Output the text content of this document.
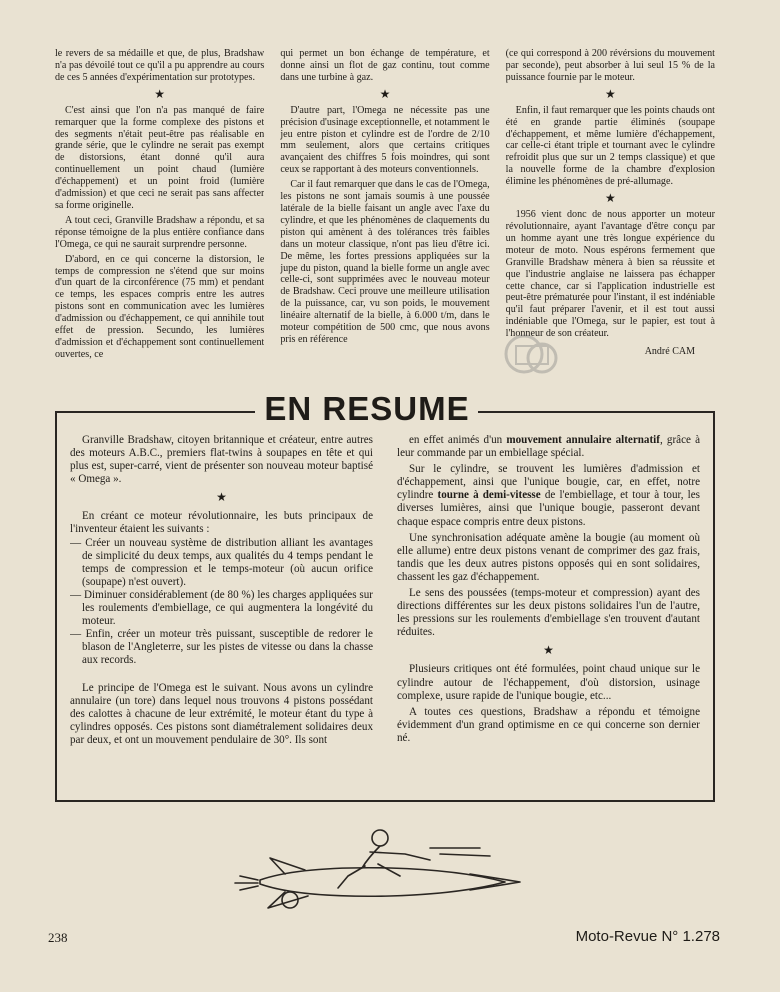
le revers de sa médaille et que, de plus, Bradshaw n'a pas dévoilé tout ce qu'il a pu apprendre au cours de ces 5 années d'expérimentation sur prototypes.

★

C'est ainsi que l'on n'a pas manqué de faire remarquer que la forme complexe des pistons et des segments n'était peut-être pas réalisable en grande série, que le cylindre ne serait pas exempt de distorsions, étant donné qu'il aura continuellement un point chaud (lumière d'échappement) et un point froid (lumière d'admission) et que ceci ne serait pas sans affecter sa forme originelle.

A tout ceci, Granville Bradshaw a répondu, et sa réponse témoigne de la plus entière confiance dans l'Omega, ce qui ne saurait surprendre personne.

D'abord, en ce qui concerne la distorsion, le temps de compression ne s'étend que sur moins d'un quart de la circonférence (75 mm) et pendant ce temps, les espaces compris entre les autres pistons sont en communication avec les lumières d'admission ou d'échappement, ce qui annihile tout effet de pression. Secundo, les lumières d'admission et d'échappement sont continuellement ouvertes, ce

qui permet un bon échange de température, et donne ainsi un flot de gaz continu, tout comme dans une turbine à gaz.

★

D'autre part, l'Omega ne nécessite pas une précision d'usinage exceptionnelle, et notamment le jeu entre piston et cylindre est de l'ordre de 2/10 mm seulement, alors que certains critiques avançaient des chiffres 5 fois moindres, qui sont ceux se rapportant à des moteurs conventionnels.

Car il faut remarquer que dans le cas de l'Omega, les pistons ne sont jamais soumis à une poussée latérale de la bielle faisant un angle avec l'axe du cylindre, et que les phénomènes de claquements du piston qui amènent à des tolérances très faibles dans un moteur classique, n'ont pas lieu d'être ici. De même, les fortes pressions appliquées sur la jupe du piston, quand la bielle forme un angle avec celle-ci, sont supprimées avec le nouveau moteur de Bradshaw. Ceci prouve une meilleure utilisation de la puissance, car, vu son poids, le mouvement linéaire alternatif de la bielle, à 6.000 t/m, dans le moteur compétition de 500 cmc, que nous avons pris en référence

(ce qui correspond à 200 révérsions du mouvement par seconde), peut absorber à lui seul 15 % de la puissance fournie par le moteur.

★

Enfin, il faut remarquer que les points chauds ont été en grande partie éliminés (soupape d'échappement, et même lumière d'échappement, car celle-ci étant triple et tournant avec le cylindre refroidit plus que sur un 2 temps classique) et que la nouvelle forme de la chambre d'explosion élimine les phénomènes de pré-allumage.

★

1956 vient donc de nous apporter un moteur révolutionnaire, ayant l'avantage d'être conçu par un homme ayant une très longue expérience du moteur de moto. Nous espérons fermement que Granville Bradshaw mènera à bien sa réussite et que l'industrie anglaise ne laissera pas échapper cette chance, car si l'application industrielle est peut-être prématurée pour l'instant, il est indéniable qu'il faut préparer l'avenir, et il est tout aussi indéniable que l'Omega, sur le papier, est tout à l'honneur de son créateur.

André CAM
EN RESUME

Granville Bradshaw, citoyen britannique et créateur, entre autres des moteurs A.B.C., premiers flat-twins à soupapes en tête et qui plus est, super-carré, vient de présenter son nouveau moteur baptisé « Omega ».

★

En créant ce moteur révolutionnaire, les buts principaux de l'inventeur étaient les suivants :

— Créer un nouveau système de distribution alliant les avantages de simplicité du deux temps, aux qualités du 4 temps pendant le temps de compression et le temps-moteur (où aucun orifice (soupape) n'est ouvert).

— Diminuer considérablement (de 80 %) les charges appliquées sur les roulements d'embiellage, ce qui augmentera la longévité du moteur.

— Enfin, créer un moteur très puissant, susceptible de redorer le blason de l'Angleterre, sur les pistes de vitesse ou dans la chasse aux records.

Le principe de l'Omega est le suivant. Nous avons un cylindre annulaire (un tore) dans lequel nous trouvons 4 pistons possédant des calottes à chacune de leur extrémité, le moteur étant du type à cylindres opposés. Ces pistons sont diamétralement solidaires deux par deux, et ont un mouvement pendulaire de 30°. Ils sont

en effet animés d'un mouvement annulaire alternatif, grâce à leur commande par un embiellage spécial.

Sur le cylindre, se trouvent les lumières d'admission et d'échappement, ainsi que l'unique bougie, car, en effet, notre cylindre tourne à demi-vitesse de l'embiellage, et tour à tour, les diverses lumières, ainsi que l'unique bougie, passeront devant chaque espace compris entre deux pistons.

Une synchronisation adéquate amène la bougie (au moment où elle allume) entre deux pistons venant de comprimer des gaz frais, tandis que les deux autres pistons opposés qui en sont solidaires, chassent les gaz d'échappement.

Le sens des poussées (temps-moteur et compression) ayant des directions différentes sur les deux pistons solidaires l'un de l'autre, les pressions sur les roulements d'embiellage s'en trouvent d'autant réduites.

★

Plusieurs critiques ont été formulées, point chaud unique sur le cylindre autour de l'échappement, d'où distorsion, usinage complexe, usure rapide de l'unique bougie, etc...

A toutes ces questions, Bradshaw a répondu et témoigne évidemment d'un grand optimisme en ce qui concerne son dernier né.

238	Moto-Revue N° 1.278
